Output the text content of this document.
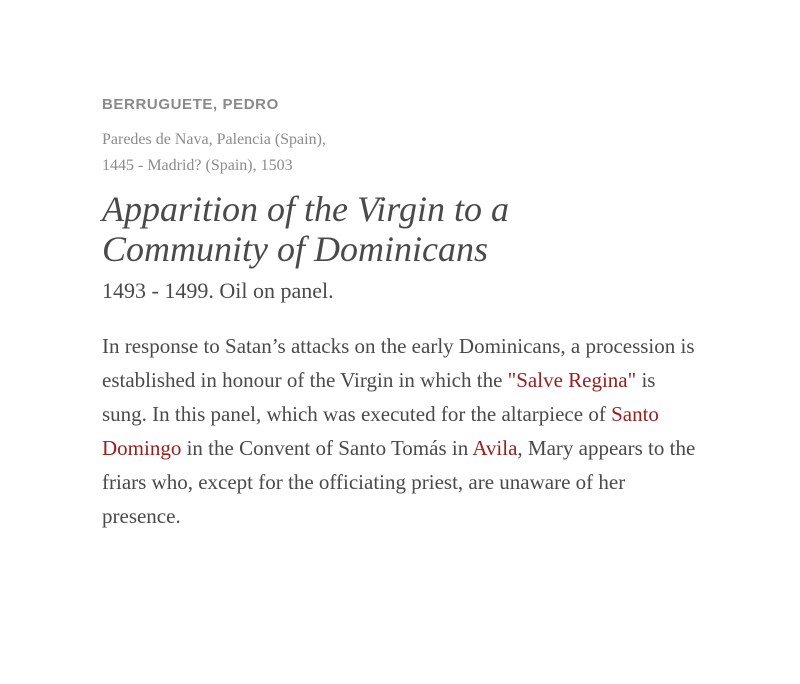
BERRUGUETE, PEDRO
Paredes de Nava, Palencia (Spain), 1445 - Madrid? (Spain), 1503
Apparition of the Virgin to a Community of Dominicans
1493 - 1499. Oil on panel.

In response to Satan’s attacks on the early Dominicans, a procession is established in honour of the Virgin in which the "Salve Regina" is sung. In this panel, which was executed for the altarpiece of Santo Domingo in the Convent of Santo Tomás in Avila, Mary appears to the friars who, except for the officiating priest, are unaware of her presence.
